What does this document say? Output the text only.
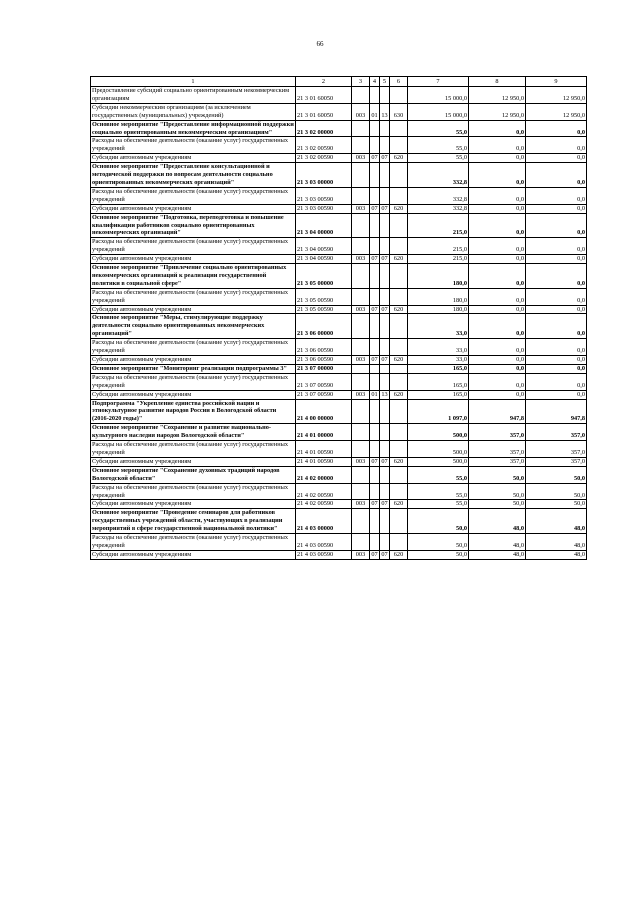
66
1	2	3	4	5	6	7	8	9
Предоставление субсидий социально ориентированным некоммерческим организациям	21 3 01 60050					15 000,0	12 950,0	12 950,0
Субсидии некоммерческим организациям (за исключением государственных (муниципальных) учреждений)	21 3 01 60050	003	01	13	630	15 000,0	12 950,0	12 950,0
Основное мероприятие "Предоставление информационной поддержки социально ориентированным некоммерческим организациям"	21 3 02 00000					55,0	0,0	0,0
Расходы на обеспечение деятельности (оказание услуг) государственных учреждений	21 3 02 00590					55,0	0,0	0,0
Субсидии автономным учреждениям	21 3 02 00590	003	07	07	620	55,0	0,0	0,0
Основное мероприятие "Предоставление консультационной и методической поддержки по вопросам деятельности социально ориентированных некоммерческих организаций"	21 3 03 00000					332,8	0,0	0,0
Расходы на обеспечение деятельности (оказание услуг) государственных учреждений	21 3 03 00590					332,8	0,0	0,0
Субсидии автономным учреждениям	21 3 03 00590	003	07	07	620	332,8	0,0	0,0
Основное мероприятие "Подготовка, переподготовка и повышение квалификации работников социально ориентированных некоммерческих организаций"	21 3 04 00000					215,0	0,0	0,0
Расходы на обеспечение деятельности (оказание услуг) государственных учреждений	21 3 04 00590					215,0	0,0	0,0
Субсидии автономным учреждениям	21 3 04 00590	003	07	07	620	215,0	0,0	0,0
Основное мероприятие "Привлечение социально ориентированных некоммерческих организаций к реализации государственной политики в социальной сфере"	21 3 05 00000					180,0	0,0	0,0
Расходы на обеспечение деятельности (оказание услуг) государственных учреждений	21 3 05 00590					180,0	0,0	0,0
Субсидии автономным учреждениям	21 3 05 00590	003	07	07	620	180,0	0,0	0,0
Основное мероприятие "Меры, стимулирующие поддержку деятельности социально ориентированных некоммерческих организаций"	21 3 06 00000					33,0	0,0	0,0
Расходы на обеспечение деятельности (оказание услуг) государственных учреждений	21 3 06 00590					33,0	0,0	0,0
Субсидии автономным учреждениям	21 3 06 00590	003	07	07	620	33,0	0,0	0,0
Основное мероприятие "Мониторинг реализации подпрограммы 3"	21 3 07 00000					165,0	0,0	0,0
Расходы на обеспечение деятельности (оказание услуг) государственных учреждений	21 3 07 00590					165,0	0,0	0,0
Субсидии автономным учреждениям	21 3 07 00590	003	01	13	620	165,0	0,0	0,0
Подпрограмма "Укрепление единства российской нации и этнокультурное развитие народов России в Вологодской области (2016-2020 годы)"	21 4 00 00000					1 097,0	947,8	947,8
Основное мероприятие "Сохранение и развитие национально-культурного наследия народов Вологодской области"	21 4 01 00000					500,0	357,0	357,0
Расходы на обеспечение деятельности (оказание услуг) государственных учреждений	21 4 01 00590					500,0	357,0	357,0
Субсидии автономным учреждениям	21 4 01 00590	003	07	07	620	500,0	357,0	357,0
Основное мероприятие "Сохранение духовных традиций народов Вологодской области"	21 4 02 00000					55,0	50,0	50,0
Расходы на обеспечение деятельности (оказание услуг) государственных учреждений	21 4 02 00590					55,0	50,0	50,0
Субсидии автономным учреждениям	21 4 02 00590	003	07	07	620	55,0	50,0	50,0
Основное мероприятие "Проведение семинаров для работников государственных учреждений области, участвующих в реализации мероприятий в сфере государственной национальной политики"	21 4 03 00000					50,0	48,0	48,0
Расходы на обеспечение деятельности (оказание услуг) государственных учреждений	21 4 03 00590					50,0	48,0	48,0
Субсидии автономным учреждениям	21 4 03 00590	003	07	07	620	50,0	48,0	48,0
